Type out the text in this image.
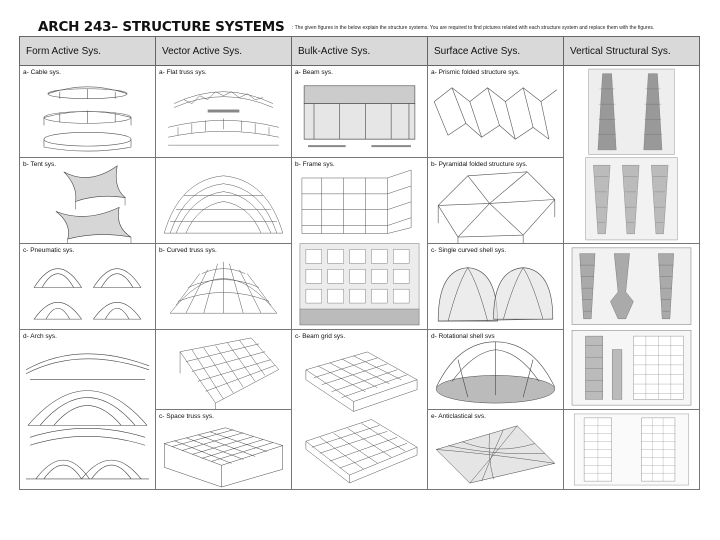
ARCH 243– STRUCTURE SYSTEMS : The given figures in the below explain the structure systems. You are required to find pictures related with each structure system and replace them with the figures.
Form Active Sys.	Vector Active Sys.	Bulk-Active Sys.	Surface Active Sys.	Vertical Structural Sys.

a- Cable sys.	a- Flat truss sys.	a- Beam sys.	a- Prismic folded structure sys.

b- Tent sys.		b- Frame sys.	b- Pyramidal folded structure sys.	

c- Pneumatic sys.	b- Curved truss sys.		c- Single curved shell sys.

d- Arch sys.		c- Beam grid sys.	d- Rotational shell svs	

	c- Space truss sys.		e- Anticlastical svs.
